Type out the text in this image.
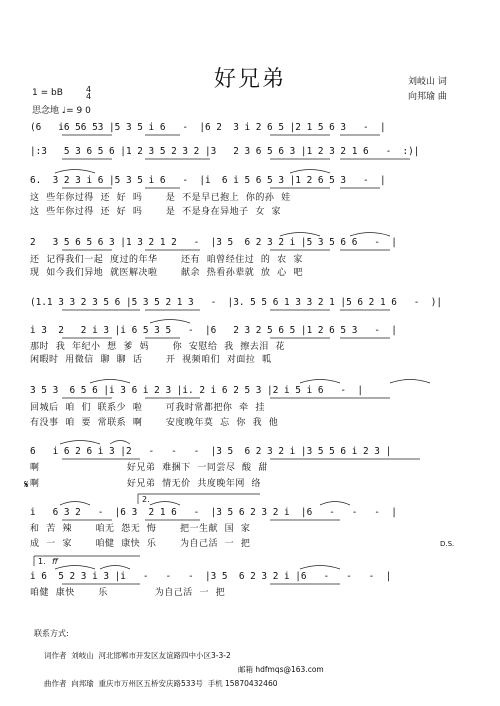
好兄弟	刘岐山 词
向邦瑜 曲
1 = bB	4
4
思念地 ♩= 9 0
(6   i6 56 53 |5 3 5 i 6   -  |6 2  3 i 2 6 5 |2 1 5 6 3   -  |
|:3   5 3 6 5 6 |1 2 3 5 2 3 2 |3   2 3 6 5 6 3 |1 2 3 2 1 6   -  :)|
6.  3 2 3 i 6 |5 3 5 i 6   -  |i  6 i 5 6 5 3 |1 2 6 5 3   -  |
这  些年你过得  还  好  吗       是  不是早已抱上  你的孙  娃
这  些年你过得  还  好  吗       是  不是身在异地子  女  家
2   3 5 6 5 6 3 |1 3 2 1 2   -  |3 5  6 2 3 2 i |5 3 5 6 6   -  |
还  记得我们一起  度过的年华       还有  咱曾经住过  的  农  家
现  如今我们异地  就医解决啦       献余  热看孙辈就  放  心  吧
(1.1 3 3 2 3 5 6 |5 3 5 2 1 3   -  |3. 5 5 6 1 3 3 2 1 |5 6 2 1 6   -  )|
i 3  2   2 i 3 |i 6 5 3 5   -  |6   2 3 2 5 6 5 |1 2 6 5 3   -  |
那时  我  年纪小  想  爹  妈       你  安慰给  我  擦去泪  花
闲暇时  用微信  聊  聊  话       开  视频咱们  对面拉  呱
3 5 3  6 5 6 |i 3 6 i 2 3 |i. 2 i 6 2 5 3 |2 i 5 i 6   -  |
回城后  咱  们  联系少  啦       可我时常都把你  牵  挂
有没事  咱  要  常联系  啊       安度晚年莫  忘  你  我  他
6   i 6 2 6 i 3 |2   -   -   -  |3 5  6 2 3 2 i |3 5 5 6 i 2 3 |
啊                          好兄弟  难捆下  一同尝尽  酸  甜
啊                          好兄弟  情无价  共度晚年网  络
i   6 3 2   -  |6 3  2 1 6   -  |3 5 6 2 3 2 i  |6   -   -   -  |
和  苦  辣       咱无  怨无  悔       把一生献  国  家
成  一  家       咱健  康快  乐       为自己活  一  把
i 6  5 2 3 i 3 |i   -   -   -  |3 5  6 2 3 2 i |6   -   -   -  |
咱健  康快       乐              为自己活  一  把
𝄋
2.
1. ff
D.S.
联系方式:
词作者  刘岐山  河北邯郸市开发区友谊路四中小区3-3-2
邮箱 hdfmqs@163.com
曲作者  向邦瑜  重庆市万州区五桥安庆路533号  手机 15870432460
